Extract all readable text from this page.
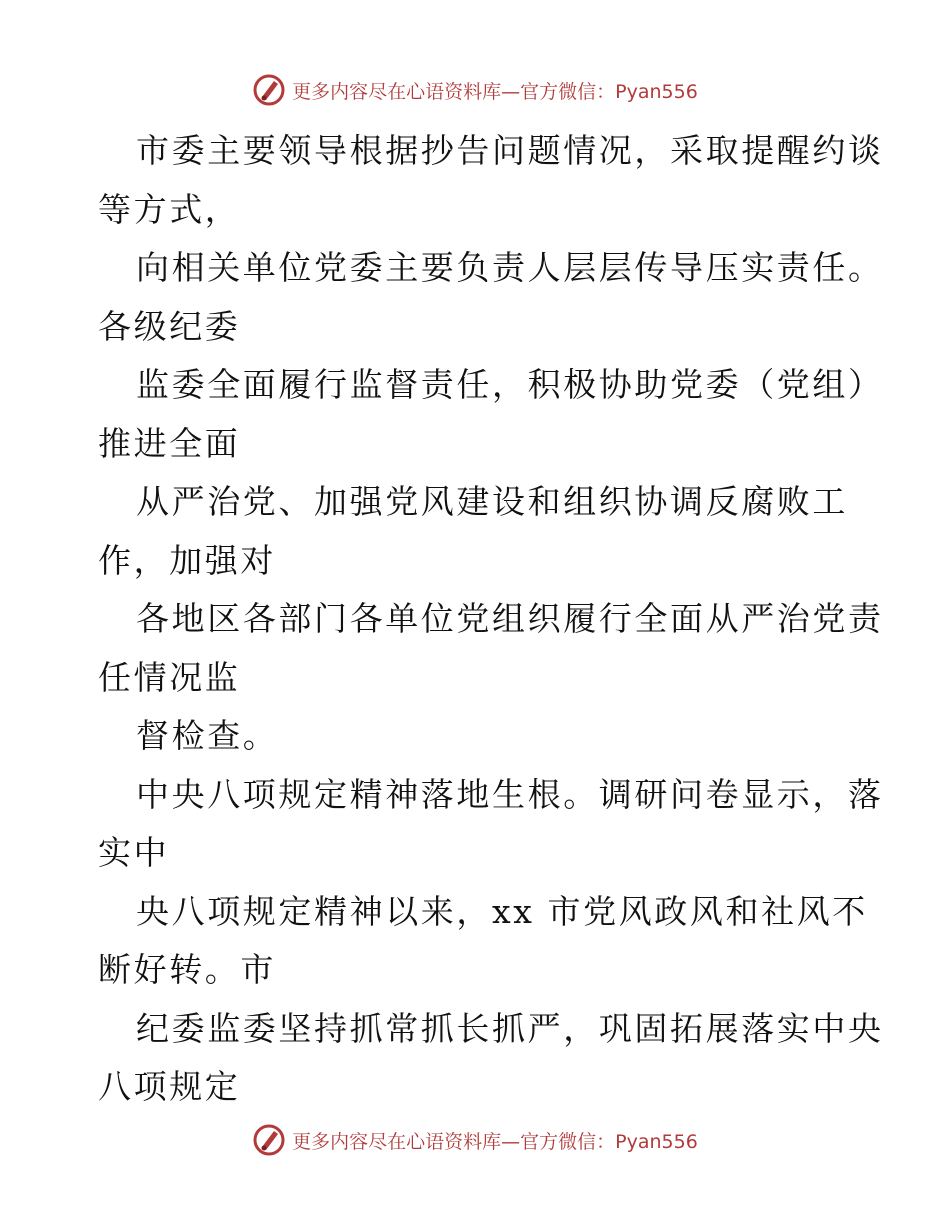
更多内容尽在心语资料库—官方微信：Pyan556
市委主要领导根据抄告问题情况，采取提醒约谈
等方式，
向相关单位党委主要负责人层层传导压实责任。
各级纪委
监委全面履行监督责任，积极协助党委（党组）
推进全面
从严治党、加强党风建设和组织协调反腐败工
作，加强对
各地区各部门各单位党组织履行全面从严治党责
任情况监
督检查。
中央八项规定精神落地生根。调研问卷显示，落
实中
央八项规定精神以来，xx 市党风政风和社风不
断好转。市
纪委监委坚持抓常抓长抓严，巩固拓展落实中央
八项规定
更多内容尽在心语资料库—官方微信：Pyan556
